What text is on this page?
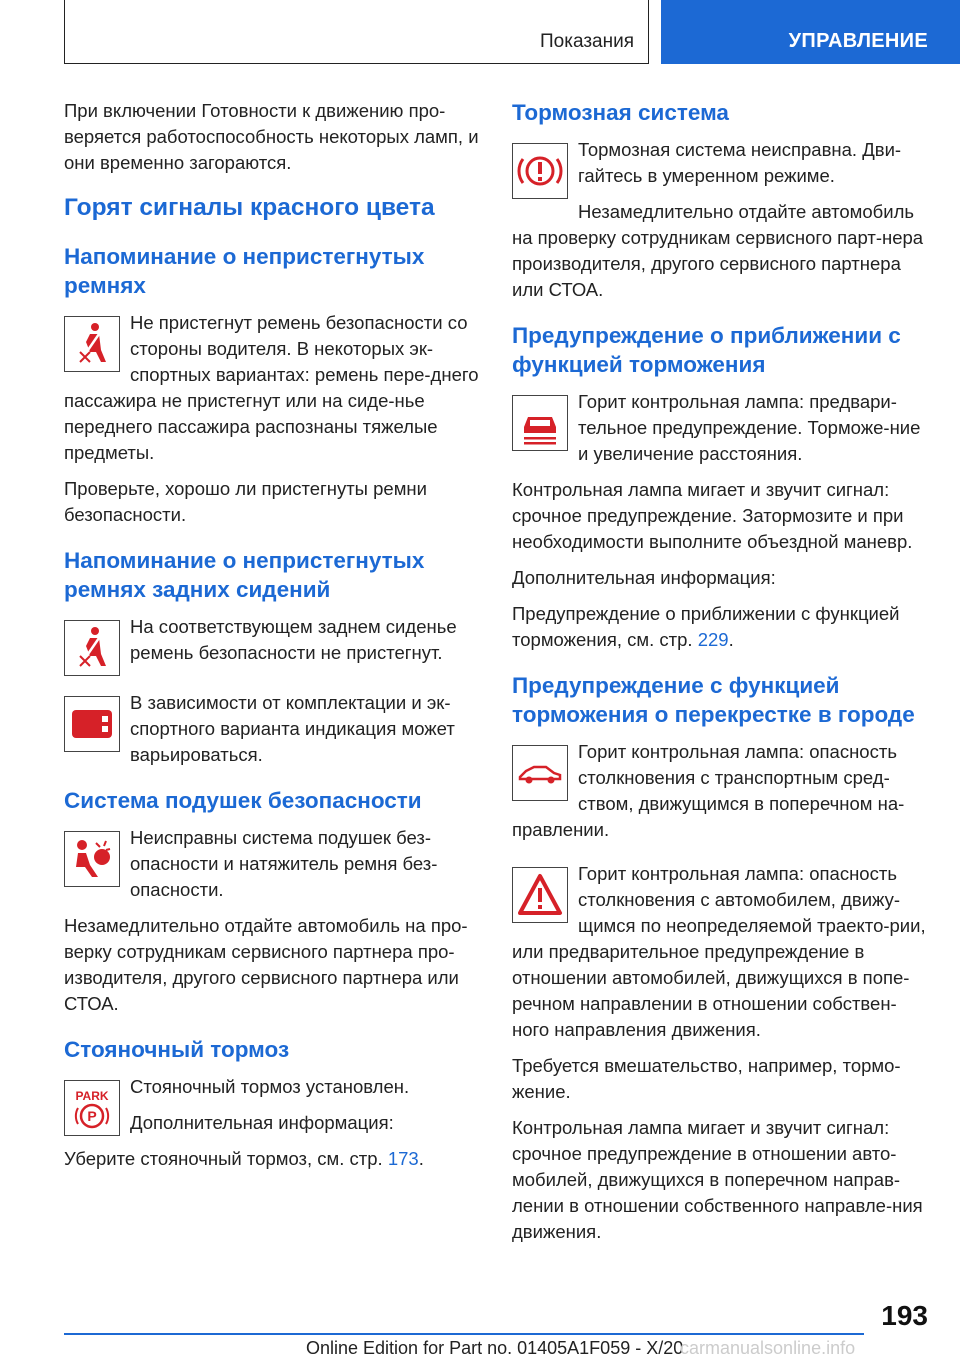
Показания	УПРАВЛЕНИЕ

При включении Готовности к движению про-веряется работоспособность некоторых ламп, и они временно загораются.

Горят сигналы красного цвета
Напоминание о непристегнутых ремнях

Не пристегнут ремень безопасности со стороны водителя. В некоторых эк-спортных вариантах: ремень пере-днего пассажира не пристегнут или на сиде-нье переднего пассажира распознаны тяжелые предметы.

Проверьте, хорошо ли пристегнуты ремни безопасности.

Напоминание о непристегнутых ремнях задних сидений

На соответствующем заднем сиденье ремень безопасности не пристегнут.

В зависимости от комплектации и эк-спортного варианта индикация может варьироваться.

Система подушек безопасности

Неисправны система подушек без-опасности и натяжитель ремня без-опасности.

Незамедлительно отдайте автомобиль на про-верку сотрудникам сервисного партнера про-изводителя, другого сервисного партнера или СТОА.

Стояночный тормоз
PARK
P

Стояночный тормоз установлен.

Дополнительная информация:

Уберите стояночный тормоз, см. стр. 173.

Тормозная система

Тормозная система неисправна. Дви-гайтесь в умеренном режиме.

Незамедлительно отдайте автомобиль на проверку сотрудникам сервисного парт-нера производителя, другого сервисного партнера или СТОА.

Предупреждение о приближении с функцией торможения

Горит контрольная лампа: предвари-тельное предупреждение. Торможе-ние и увеличение расстояния.

Контрольная лампа мигает и звучит сигнал: срочное предупреждение. Затормозите и при необходимости выполните объездной маневр.

Дополнительная информация:

Предупреждение о приближении с функцией торможения, см. стр. 229.

Предупреждение с функцией торможения о перекрестке в городе

Горит контрольная лампа: опасность столкновения с транспортным сред-ством, движущимся в поперечном на-правлении.

Горит контрольная лампа: опасность столкновения с автомобилем, движу-щимся по неопределяемой траекто-рии, или предварительное предупреждение в отношении автомобилей, движущихся в попе-речном направлении в отношении собствен-ного направления движения.

Требуется вмешательство, например, тормо-жение.

Контрольная лампа мигает и звучит сигнал: срочное предупреждение в отношении авто-мобилей, движущихся в поперечном направ-лении в отношении собственного направле-ния движения.

193
Online Edition for Part no. 01405A1F059 - X/20
carmanualsonline.info
